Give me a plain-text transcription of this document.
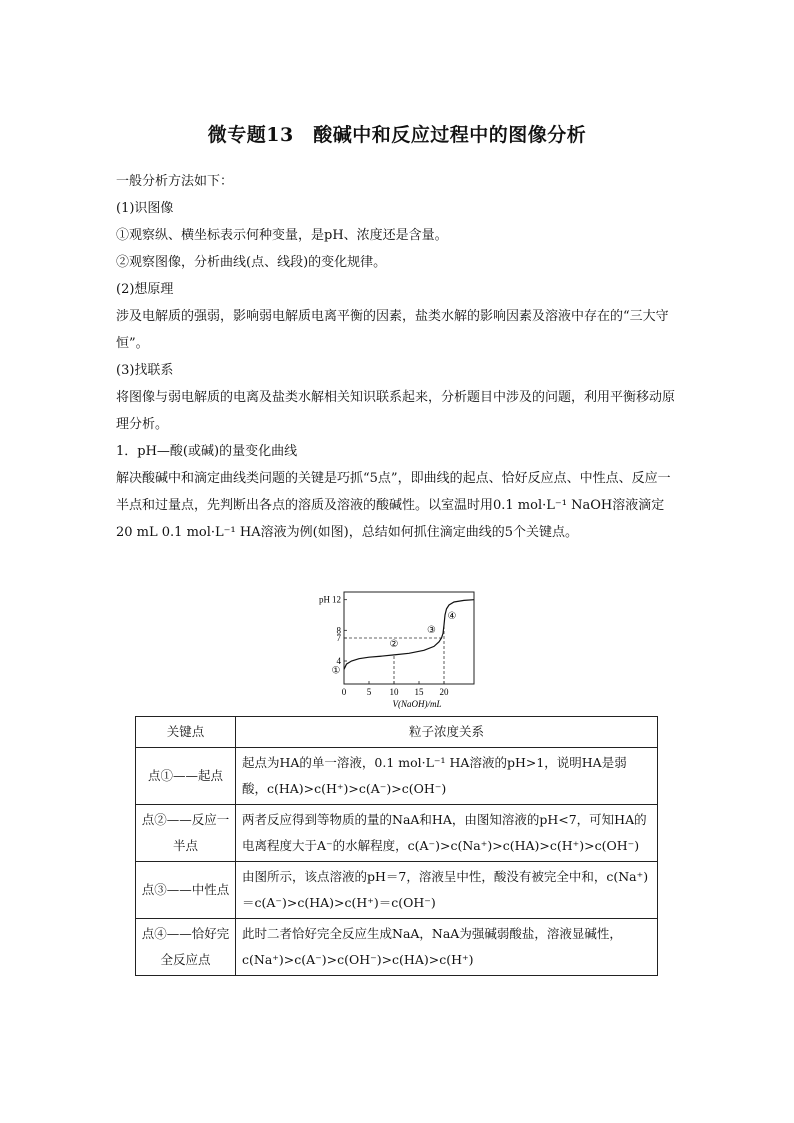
微专题13　酸碱中和反应过程中的图像分析

一般分析方法如下：

(1)识图像

①观察纵、横坐标表示何种变量，是pH、浓度还是含量。

②观察图像，分析曲线(点、线段)的变化规律。

(2)想原理

涉及电解质的强弱，影响弱电解质电离平衡的因素，盐类水解的影响因素及溶液中存在的“三大守恒”。

(3)找联系

将图像与弱电解质的电离及盐类水解相关知识联系起来，分析题目中涉及的问题，利用平衡移动原理分析。

1．pH—酸(或碱)的量变化曲线

解决酸碱中和滴定曲线类问题的关键是巧抓“5点”，即曲线的起点、恰好反应点、中性点、反应一半点和过量点，先判断出各点的溶质及溶液的酸碱性。以室温时用0.1 mol·L⁻¹ NaOH溶液滴定20 mL 0.1 mol·L⁻¹ HA溶液为例(如图)，总结如何抓住滴定曲线的5个关键点。

0 5 10 15 20
4
7
8
12
pH
V(NaOH)/mL
①
②
③
④
关键点	粒子浓度关系
点①——起点	起点为HA的单一溶液，0.1 mol·L⁻¹ HA溶液的pH>1，说明HA是弱酸，c(HA)>c(H⁺)>c(A⁻)>c(OH⁻)
点②——反应一半点	两者反应得到等物质的量的NaA和HA，由图知溶液的pH<7，可知HA的电离程度大于A⁻的水解程度，c(A⁻)>c(Na⁺)>c(HA)>c(H⁺)>c(OH⁻)
点③——中性点	由图所示，该点溶液的pH＝7，溶液呈中性，酸没有被完全中和，c(Na⁺)＝c(A⁻)>c(HA)>c(H⁺)＝c(OH⁻)
点④——恰好完全反应点	此时二者恰好完全反应生成NaA，NaA为强碱弱酸盐，溶液显碱性，c(Na⁺)>c(A⁻)>c(OH⁻)>c(HA)>c(H⁺)
